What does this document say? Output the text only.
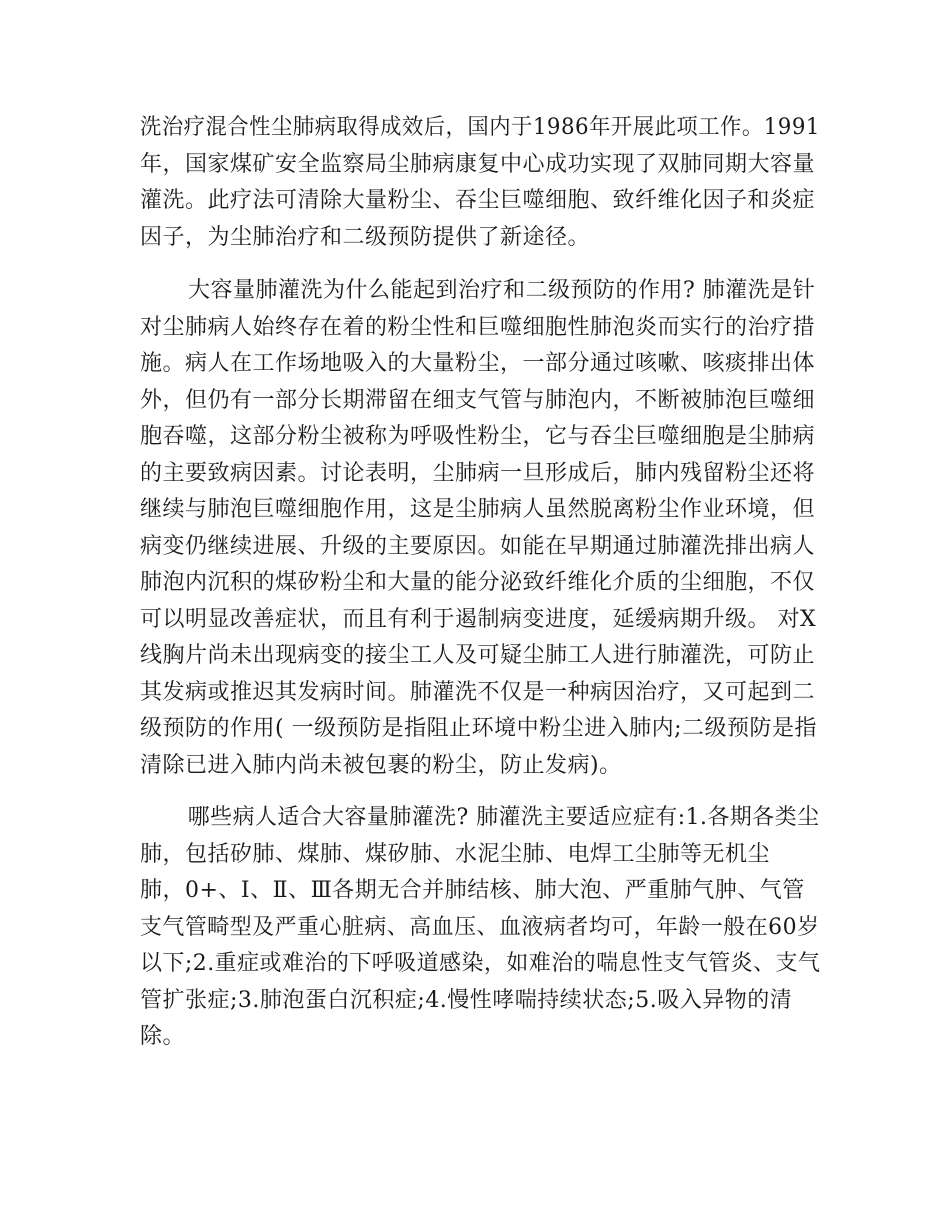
洗治疗混合性尘肺病取得成效后，国内于1986年开展此项工作。1991
年，国家煤矿安全监察局尘肺病康复中心成功实现了双肺同期大容量
灌洗。此疗法可清除大量粉尘、吞尘巨噬细胞、致纤维化因子和炎症
因子，为尘肺治疗和二级预防提供了新途径。
大容量肺灌洗为什么能起到治疗和二级预防的作用? 肺灌洗是针
对尘肺病人始终存在着的粉尘性和巨噬细胞性肺泡炎而实行的治疗措
施。病人在工作场地吸入的大量粉尘，一部分通过咳嗽、咳痰排出体
外，但仍有一部分长期滞留在细支气管与肺泡内，不断被肺泡巨噬细
胞吞噬，这部分粉尘被称为呼吸性粉尘，它与吞尘巨噬细胞是尘肺病
的主要致病因素。讨论表明，尘肺病一旦形成后，肺内残留粉尘还将
继续与肺泡巨噬细胞作用，这是尘肺病人虽然脱离粉尘作业环境，但
病变仍继续进展、升级的主要原因。如能在早期通过肺灌洗排出病人
肺泡内沉积的煤矽粉尘和大量的能分泌致纤维化介质的尘细胞，不仅
可以明显改善症状，而且有利于遏制病变进度，延缓病期升级。 对X
线胸片尚未出现病变的接尘工人及可疑尘肺工人进行肺灌洗，可防止
其发病或推迟其发病时间。肺灌洗不仅是一种病因治疗，又可起到二
级预防的作用( 一级预防是指阻止环境中粉尘进入肺内;二级预防是指
清除已进入肺内尚未被包裹的粉尘，防止发病)。
哪些病人适合大容量肺灌洗? 肺灌洗主要适应症有:1.各期各类尘
肺，包括矽肺、煤肺、煤矽肺、水泥尘肺、电焊工尘肺等无机尘
肺，0+、Ⅰ、Ⅱ、Ⅲ各期无合并肺结核、肺大泡、严重肺气肿、气管
支气管畸型及严重心脏病、高血压、血液病者均可，年龄一般在60岁
以下;2.重症或难治的下呼吸道感染，如难治的喘息性支气管炎、支气
管扩张症;3.肺泡蛋白沉积症;4.慢性哮喘持续状态;5.吸入异物的清
除。
